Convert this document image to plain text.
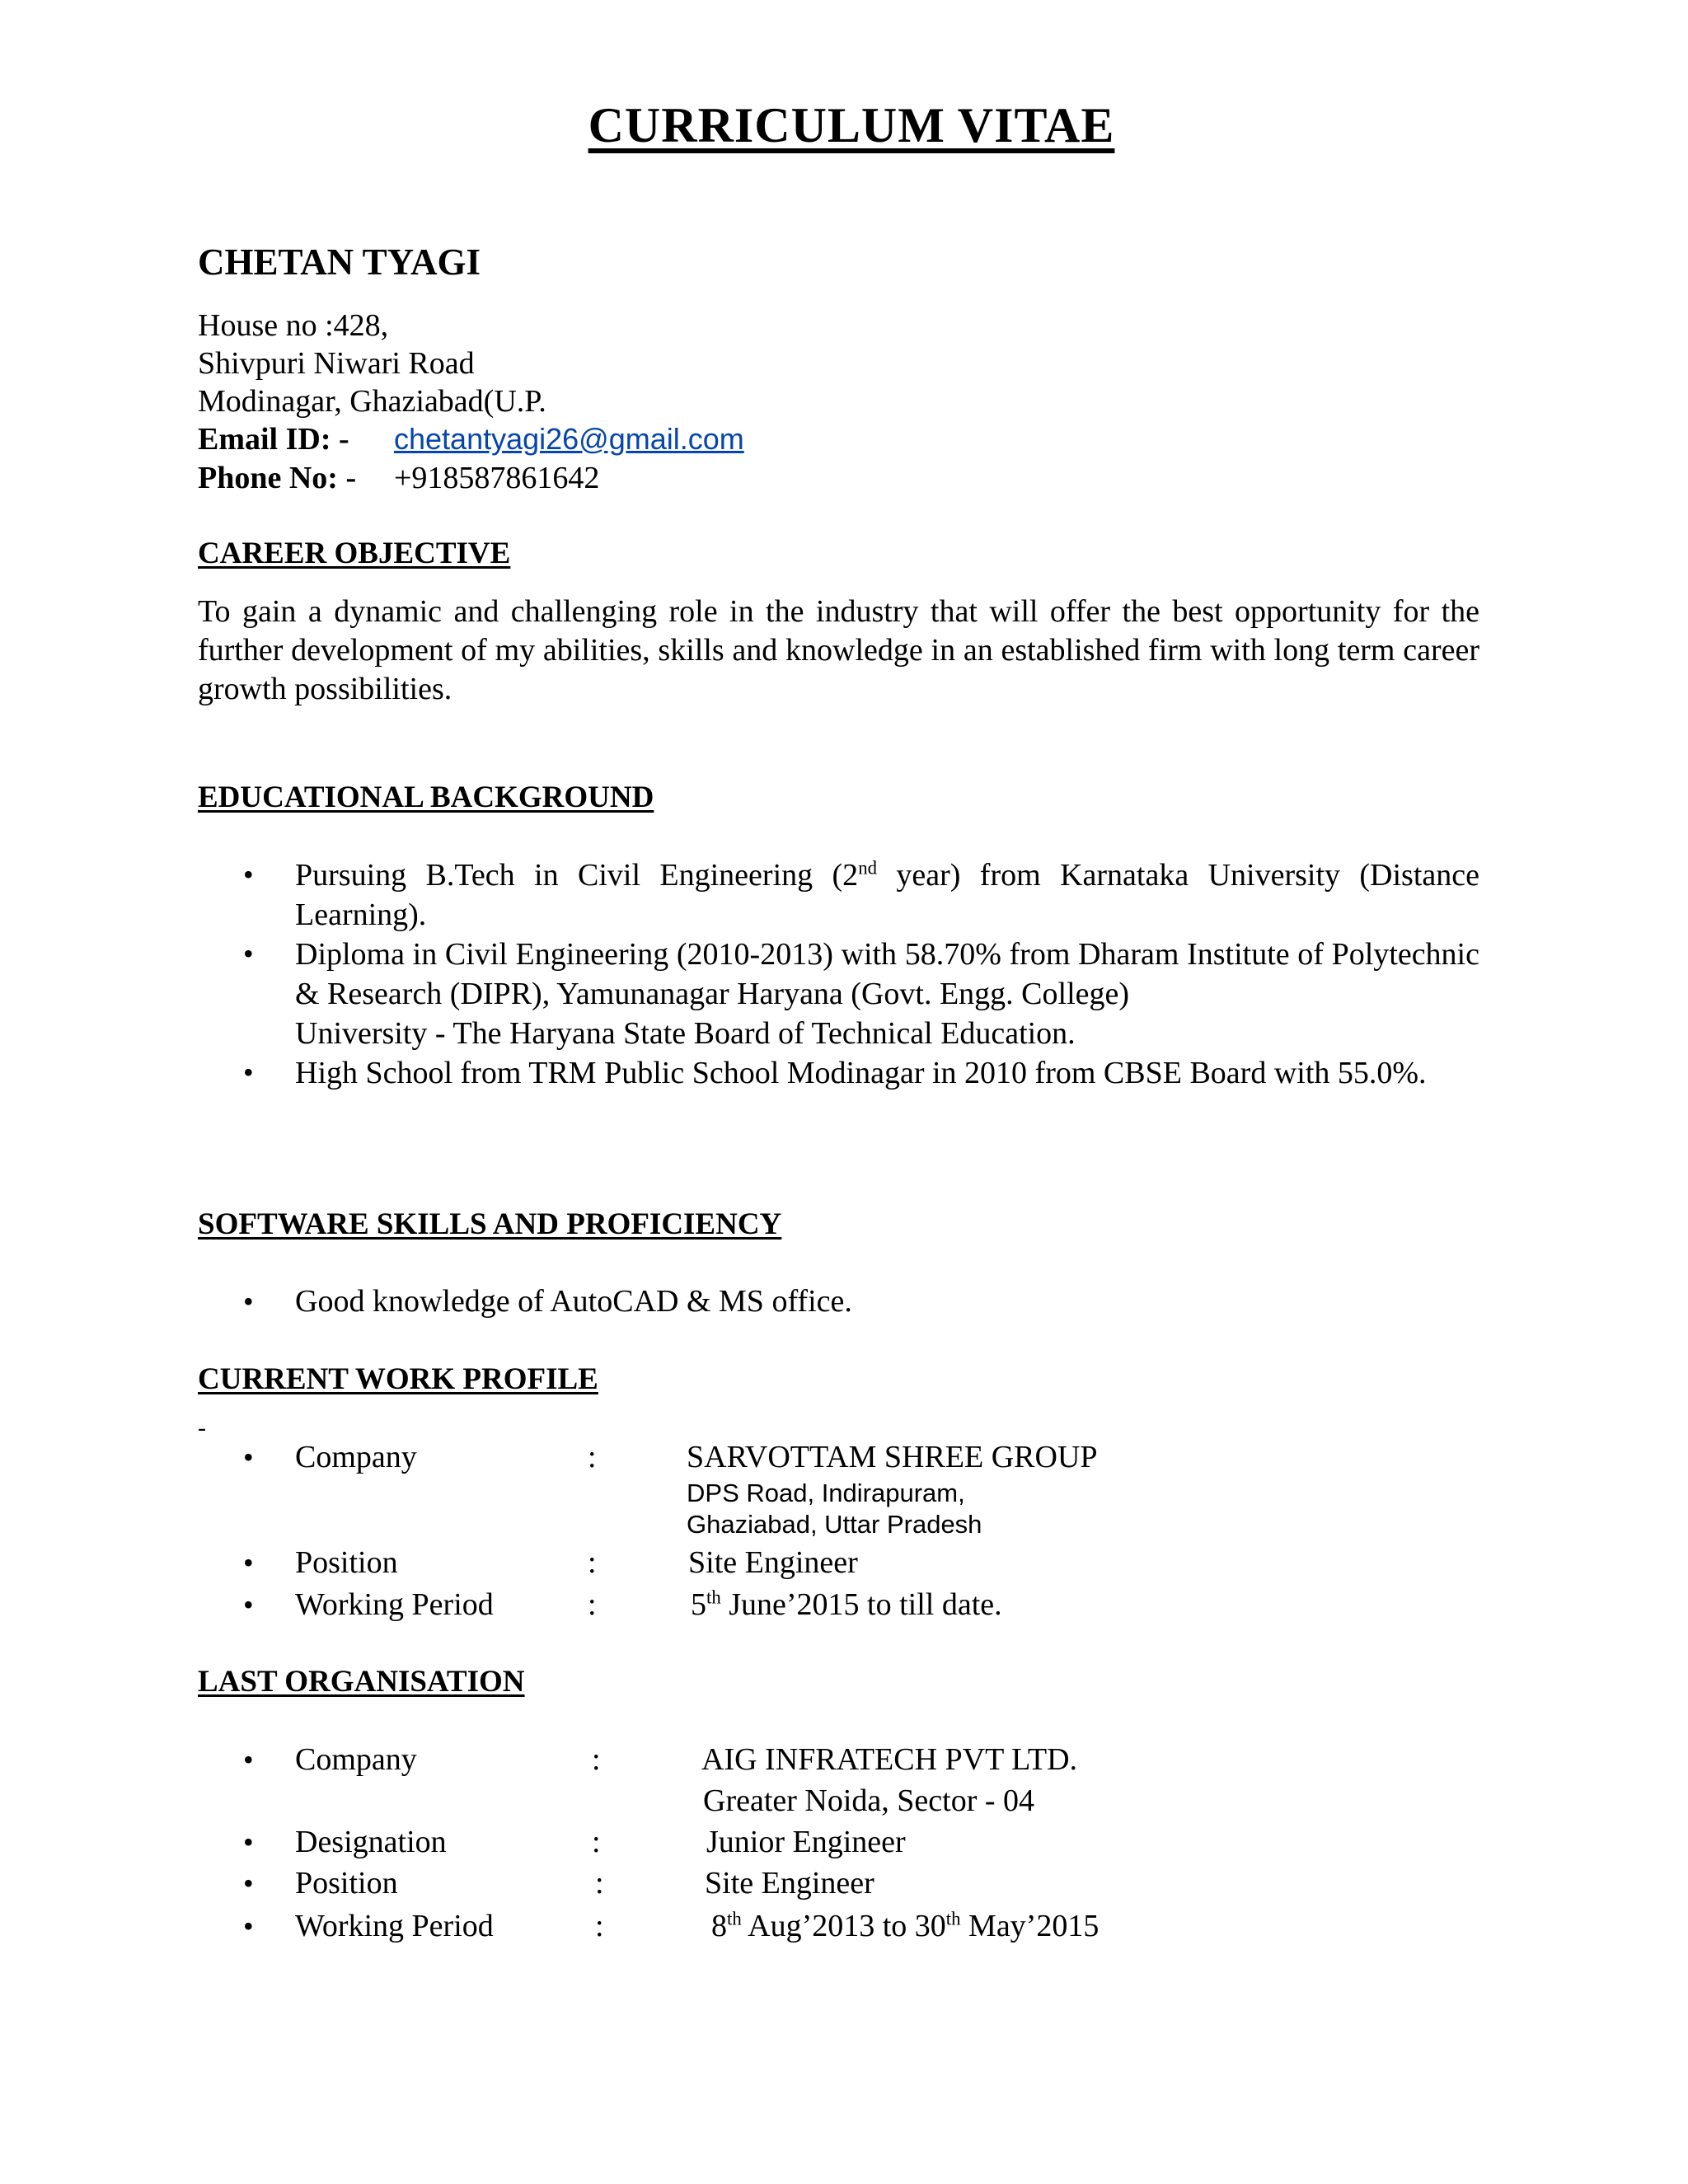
CURRICULUM VITAE
CHETAN TYAGI
House no :428,
Shivpuri Niwari Road
Modinagar, Ghaziabad(U.P.
Email ID: - chetantyagi26@gmail.com
Phone No: - +918587861642
CAREER OBJECTIVE
To gain a dynamic and challenging role in the industry that will offer the best opportunity for the further development of my abilities, skills and knowledge in an established firm with long term career growth possibilities.
EDUCATIONAL BACKGROUND
• Pursuing B.Tech in Civil Engineering (2nd year) from Karnataka University (Distance Learning).
• Diploma in Civil Engineering (2010-2013) with 58.70% from Dharam Institute of Polytechnic & Research (DIPR), Yamunanagar Haryana (Govt. Engg. College)
University - The Haryana State Board of Technical Education.
• High School from TRM Public School Modinagar in 2010 from CBSE Board with 55.0%.
SOFTWARE SKILLS AND PROFICIENCY
• Good knowledge of AutoCAD & MS office.
CURRENT WORK PROFILE
-
• Company	:	SARVOTTAM SHREE GROUP
DPS Road, Indirapuram,
Ghaziabad, Uttar Pradesh
• Position	:	Site Engineer
• Working Period	:	5th June’2015 to till date.
LAST ORGANISATION
• Company	:	AIG INFRATECH PVT LTD.
Greater Noida, Sector - 04
• Designation	:	Junior Engineer
• Position	:	Site Engineer
• Working Period	:	8th Aug’2013 to 30th May’2015
